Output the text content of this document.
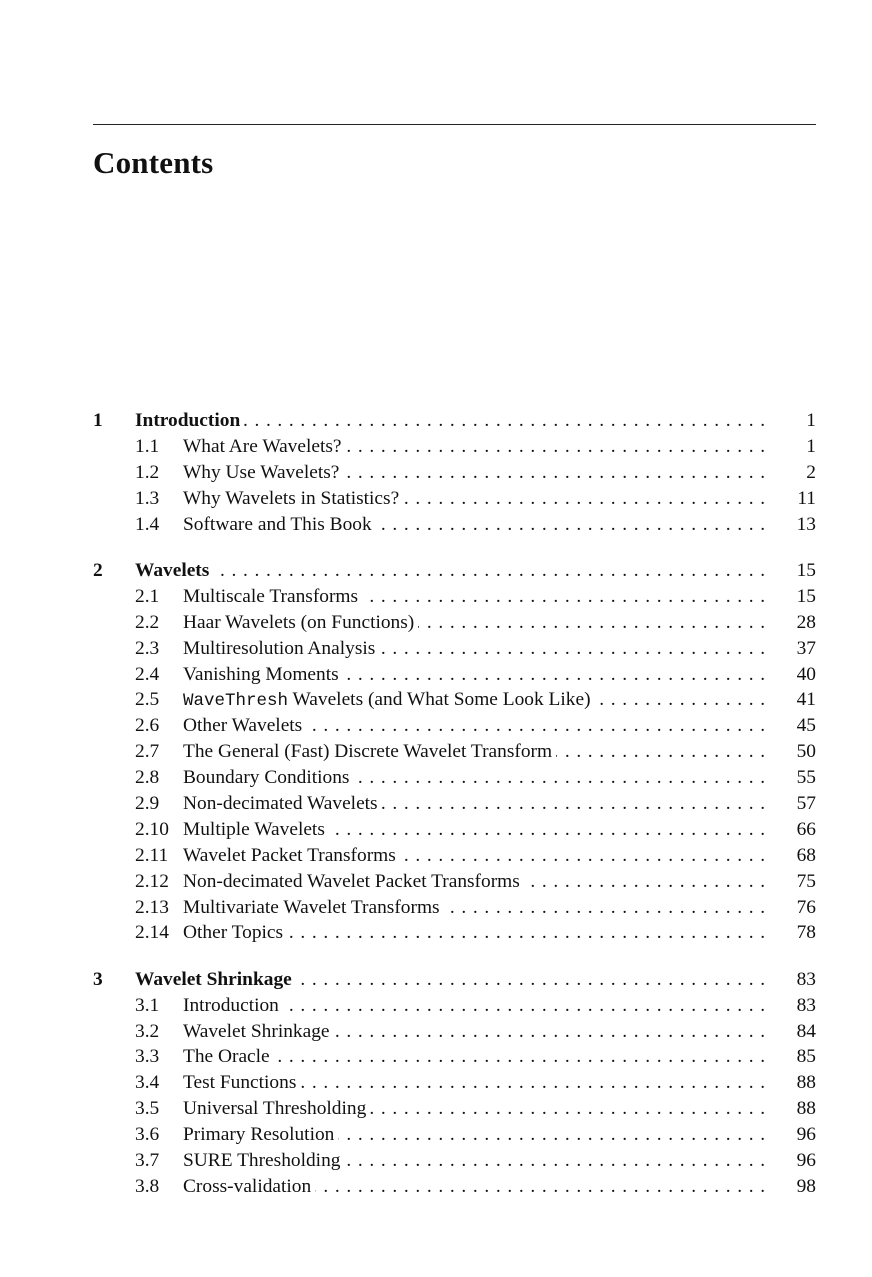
Contents
1 Introduction . . .	1
1.1 What Are Wavelets? . . .	1
1.2 Why Use Wavelets? . . .	2
1.3 Why Wavelets in Statistics? . . .	11
1.4 Software and This Book . . .	13
2 Wavelets . . .	15
2.1 Multiscale Transforms . . .	15
2.2 Haar Wavelets (on Functions) . . .	28
2.3 Multiresolution Analysis . . .	37
2.4 Vanishing Moments . . .	40
2.5 WaveThresh Wavelets (and What Some Look Like) . . .	41
2.6 Other Wavelets . . .	45
2.7 The General (Fast) Discrete Wavelet Transform . . .	50
2.8 Boundary Conditions . . .	55
2.9 Non-decimated Wavelets . . .	57
2.10 Multiple Wavelets . . .	66
2.11 Wavelet Packet Transforms . . .	68
2.12 Non-decimated Wavelet Packet Transforms . . .	75
2.13 Multivariate Wavelet Transforms . . .	76
2.14 Other Topics . . .	78
3 Wavelet Shrinkage . . .	83
3.1 Introduction . . .	83
3.2 Wavelet Shrinkage . . .	84
3.3 The Oracle . . .	85
3.4 Test Functions . . .	88
3.5 Universal Thresholding . . .	88
3.6 Primary Resolution . . .	96
3.7 SURE Thresholding . . .	96
3.8 Cross-validation . . .	98
